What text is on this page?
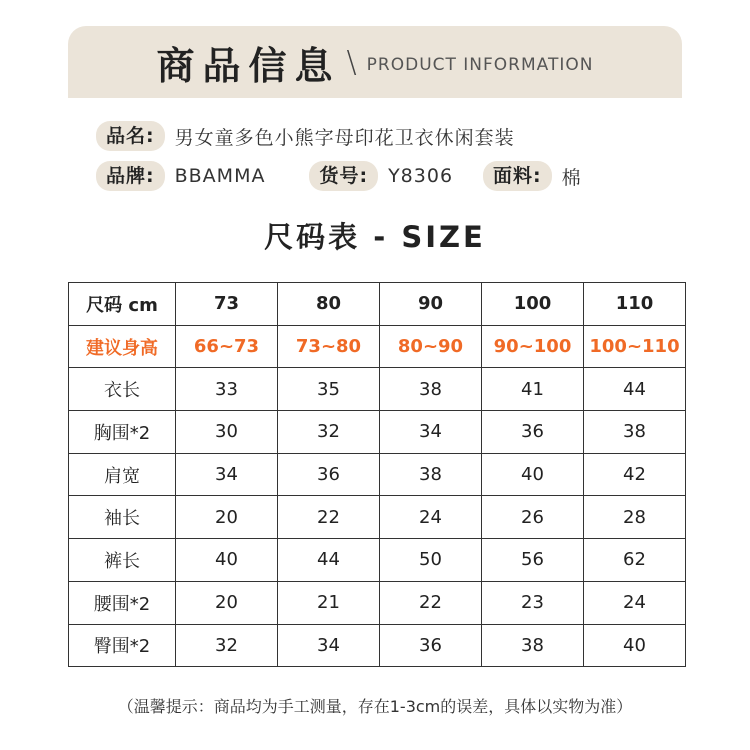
商品信息 \ PRODUCT INFORMATION
品名:	男女童多色小熊字母印花卫衣休闲套装
品牌:	BBAMMA	货号:	Y8306	面料:	棉
尺码表 - SIZE
尺码 cm	73	80	90	100	110
建议身高	66~73	73~80	80~90	90~100	100~110
衣长	33	35	38	41	44
胸围*2	30	32	34	36	38
肩宽	34	36	38	40	42
袖长	20	22	24	26	28
裤长	40	44	50	56	62
腰围*2	20	21	22	23	24
臀围*2	32	34	36	38	40
（温馨提示：商品均为手工测量，存在1-3cm的误差，具体以实物为准）
